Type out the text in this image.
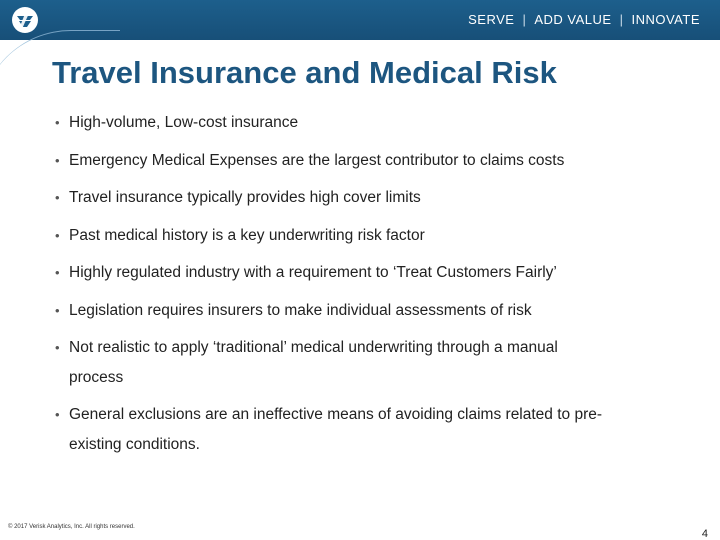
SERVE | ADD VALUE | INNOVATE
Travel Insurance and Medical Risk
• High-volume, Low-cost insurance
• Emergency Medical Expenses are the largest contributor to claims costs
• Travel insurance typically provides high cover limits
• Past medical history is a key underwriting risk factor
• Highly regulated industry with a requirement to ‘Treat Customers Fairly’
• Legislation requires insurers to make individual assessments of risk
• Not realistic to apply ‘traditional’ medical underwriting through a manual process
• General exclusions are an ineffective means of avoiding claims related to pre-existing conditions.
© 2017 Verisk Analytics, Inc. All rights reserved.
4
